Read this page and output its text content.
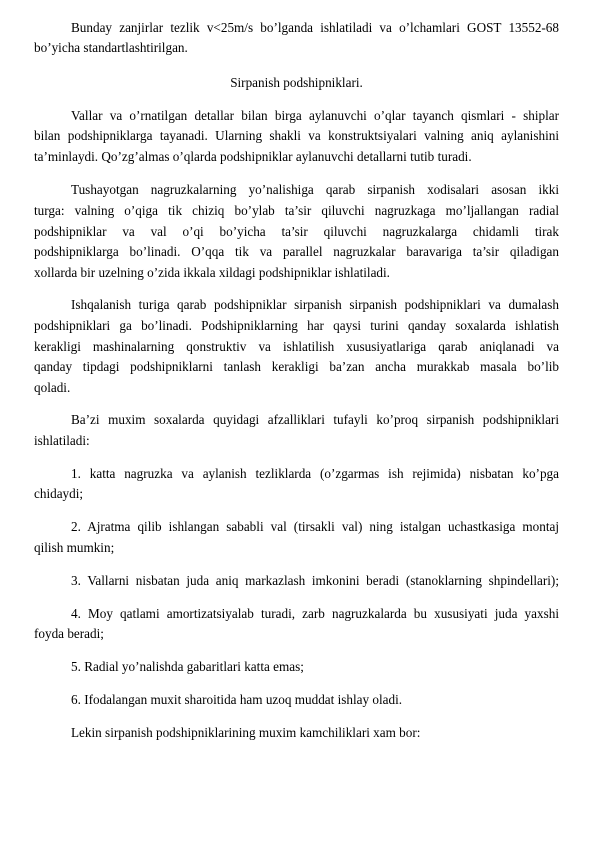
Bunday zanjirlar tezlik v<25m/s bo’lganda ishlatiladi va o’lchamlari GOST 13552-68
bo’yicha standartlashtirilgan.
Sirpanish podshipniklari.
Vallar va o’rnatilgan detallar bilan birga aylanuvchi o’qlar tayanch qismlari - shiplar
bilan podshipniklarga tayanadi. Ularning shakli va konstruktsiyalari valning aniq aylanishini
ta’minlaydi. Qo’zg’almas o’qlarda podshipniklar aylanuvchi detallarni tutib turadi.
Tushayotgan nagruzkalarning yo’nalishiga qarab sirpanish xodisalari asosan ikki
turga: valning o’qiga tik chiziq bo’ylab ta’sir qiluvchi nagruzkaga mo’ljallangan radial
podshipniklar va val o’qi bo’yicha ta’sir qiluvchi nagruzkalarga chidamli tirak
podshipniklarga bo’linadi. O’qqa tik va parallel nagruzkalar baravariga ta’sir qiladigan
xollarda bir uzelning o’zida ikkala xildagi podshipniklar ishlatiladi.
Ishqalanish turiga qarab podshipniklar sirpanish sirpanish podshipniklari va dumalash
podshipniklari ga bo’linadi. Podshipniklarning har qaysi turini qanday soxalarda ishlatish
kerakligi mashinalarning qonstruktiv va ishlatilish xususiyatlariga qarab aniqlanadi va
qanday tipdagi podshipniklarni tanlash kerakligi ba’zan ancha murakkab masala bo’lib
qoladi.
Ba’zi muxim soxalarda quyidagi afzalliklari tufayli ko’proq sirpanish podshipniklari
ishlatiladi:
1. katta nagruzka va aylanish tezliklarda (o’zgarmas ish rejimida) nisbatan ko’pga
chidaydi;
2. Ajratma qilib ishlangan sababli val (tirsakli val) ning istalgan uchastkasiga montaj
qilish mumkin;
3. Vallarni nisbatan juda aniq markazlash imkonini beradi (stanoklarning shpindellari);
4. Moy qatlami amortizatsiyalab turadi, zarb nagruzkalarda bu xususiyati juda yaxshi
foyda beradi;
5. Radial yo’nalishda gabaritlari katta emas;
6. Ifodalangan muxit sharoitida ham uzoq muddat ishlay oladi.
Lekin sirpanish podshipniklarining muxim kamchiliklari xam bor:
